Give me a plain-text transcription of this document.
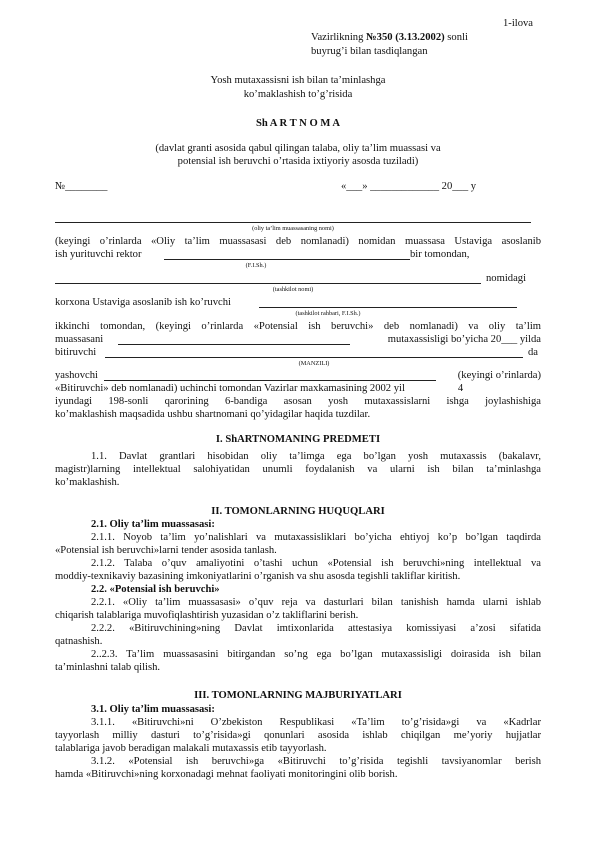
1-ilova
Vazirlikning №350 (3.13.2002) sonli
buyrug’i bilan tasdiqlangan
Yosh mutaxassisni ish bilan ta’minlashga
ko’maklashish to’g’risida
Sh A R T N O M A
(davlat granti asosida qabul qilingan talaba, oliy ta’lim muassasi va
potensial ish beruvchi o’rtasida ixtiyoriy asosda tuziladi)
№________	«___» _____________ 20___ y
(oliy ta’lim muassasaning nomi)
(keyingi o’rinlarda «Oliy ta’lim muassasasi deb nomlanadi) nomidan muassasa Ustaviga asoslanib
ish yurituvchi rektor	bir tomondan,
(F.I.Sh.)
nomidagi
(tashkilot nomi)
korxona Ustaviga asoslanib ish ko’ruvchi
(tashkilot rahbari, F.I.Sh.)
ikkinchi tomondan, (keyingi o’rinlarda «Potensial ish beruvchi» deb nomlanadi) va oliy ta’lim
muassasani	mutaxassisligi bo’yicha 20___ yilda
bitiruvchi	da
(MANZILI)
yashovchi	(keyingi o’rinlarda)
«Bitiruvchi» deb nomlanadi) uchinchi tomondan Vazirlar maxkamasining 2002 yil                    4
iyundagi 198-sonli qarorining 6-bandiga asosan yosh mutaxassislarni ishga joylashishiga
ko’maklashish maqsadida ushbu shartnomani qo’yidagilar haqida tuzdilar.
I. ShARTNOMANING PREDMETI
1.1. Davlat grantlari hisobidan oliy ta’limga ega bo’lgan yosh mutaxassis (bakalavr,
magistr)larning intellektual salohiyatidan unumli foydalanish va ularni ish bilan ta’minlashga
ko’maklashish.
II. TOMONLARNING HUQUQLARI
2.1. Oliy ta’lim muassasasi:
2.1.1. Noyob ta’lim yo’nalishlari va mutaxassisliklari bo’yicha ehtiyoj ko’p bo’lgan taqdirda
«Potensial ish beruvchi»larni tender asosida tanlash.
2.1.2. Talaba o’quv amaliyotini o’tashi uchun «Potensial ish beruvchi»ning intellektual va
moddiy-texnikaviy bazasining imkoniyatlarini o’rganish va shu asosda tegishli takliflar kiritish.
2.2. «Potensial ish beruvchi»
2.2.1. «Oliy ta’lim muassasasi» o’quv reja va dasturlari bilan tanishish hamda ularni ishlab
chiqarish talablariga muvofiqlashtirish yuzasidan o’z takliflarini berish.
2.2.2. «Bitiruvchining»ning Davlat imtixonlarida attestasiya komissiyasi a’zosi sifatida
qatnashish.
2..2.3. Ta’lim muassasasini bitirgandan so’ng ega bo’lgan mutaxassisligi doirasida ish bilan
ta’minlashni talab qilish.
III. TOMONLARNING MAJBURIYATLARI
3.1. Oliy ta’lim muassasasi:
3.1.1. «Bitiruvchi»ni O’zbekiston Respublikasi «Ta’lim to’g’risida»gi va «Kadrlar
tayyorlash milliy dasturi to’g’risida»gi qonunlari asosida ishlab chiqilgan me’yoriy hujjatlar
talablariga javob beradigan malakali mutaxassis etib tayyorlash.
3.1.2. «Potensial ish beruvchi»ga «Bitiruvchi to’g’risida tegishli tavsiyanomlar berish
hamda «Bitiruvchi»ning korxonadagi mehnat faoliyati monitoringini olib borish.
